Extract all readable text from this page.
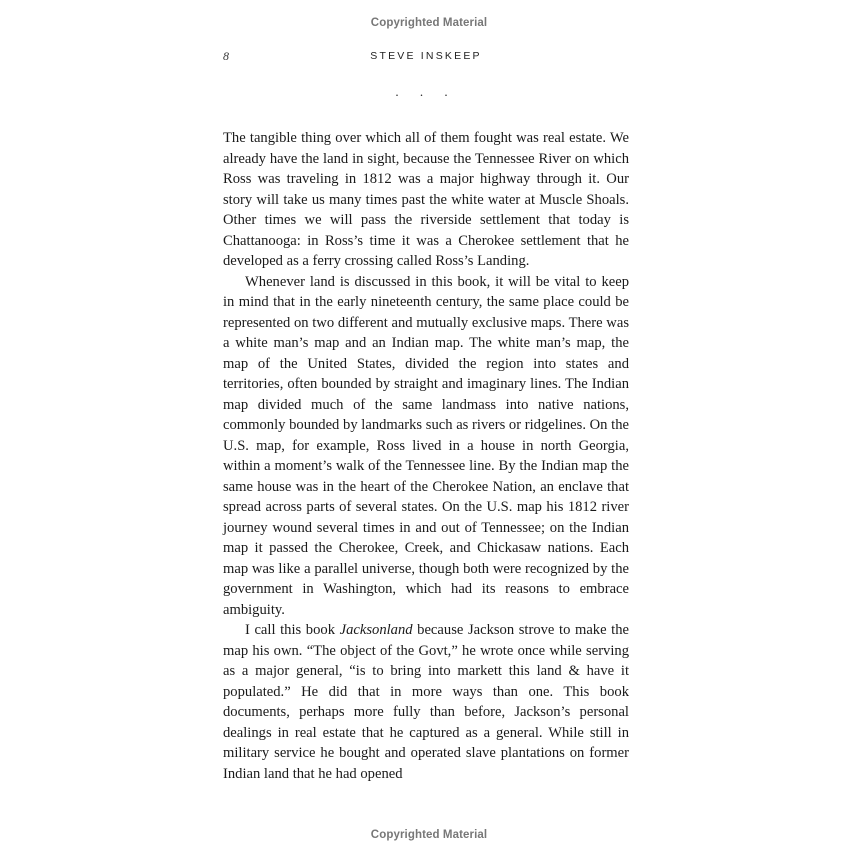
Copyrighted Material
8	STEVE INSKEEP
. . .

The tangible thing over which all of them fought was real estate. We already have the land in sight, because the Tennessee River on which Ross was traveling in 1812 was a major highway through it. Our story will take us many times past the white water at Muscle Shoals. Other times we will pass the riverside settlement that today is Chattanooga: in Ross’s time it was a Cherokee settlement that he developed as a ferry crossing called Ross’s Landing.

Whenever land is discussed in this book, it will be vital to keep in mind that in the early nineteenth century, the same place could be represented on two different and mutually exclusive maps. There was a white man’s map and an Indian map. The white man’s map, the map of the United States, divided the region into states and territories, often bounded by straight and imaginary lines. The Indian map divided much of the same landmass into native nations, commonly bounded by landmarks such as rivers or ridgelines. On the U.S. map, for example, Ross lived in a house in north Georgia, within a moment’s walk of the Tennessee line. By the Indian map the same house was in the heart of the Cherokee Nation, an enclave that spread across parts of several states. On the U.S. map his 1812 river journey wound several times in and out of Tennessee; on the Indian map it passed the Cherokee, Creek, and Chickasaw nations. Each map was like a parallel universe, though both were recognized by the government in Washington, which had its reasons to embrace ambiguity.

I call this book Jacksonland because Jackson strove to make the map his own. “The object of the Govt,” he wrote once while serving as a major general, “is to bring into markett this land & have it populated.” He did that in more ways than one. This book documents, perhaps more fully than before, Jackson’s personal dealings in real estate that he captured as a general. While still in military service he bought and operated slave plantations on former Indian land that he had opened

Copyrighted Material
